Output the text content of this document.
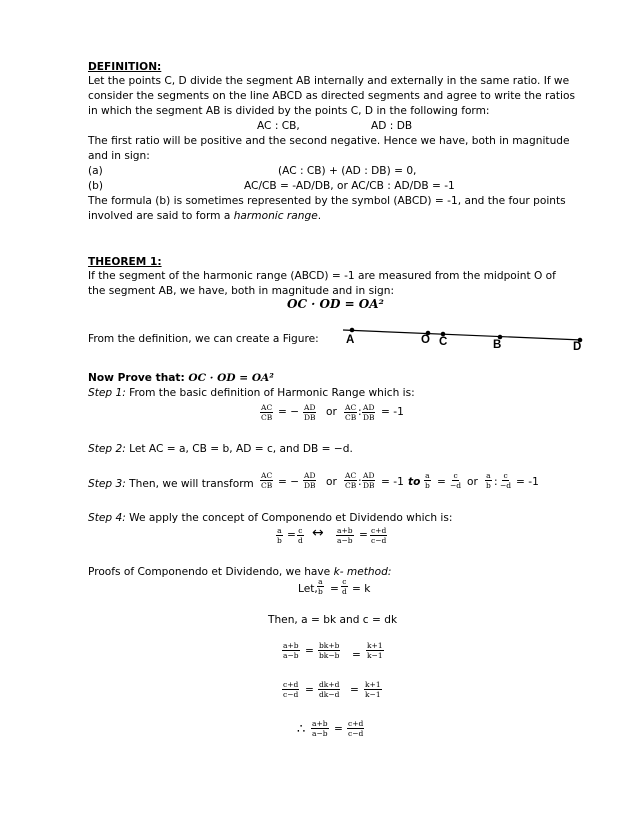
DEFINITION:
Let the points C, D divide the segment AB internally and externally in the same ratio. If we
consider the segments on the line ABCD as directed segments and agree to write the ratios
in which the segment AB is divided by the points C, D in the following form:
AC : CB,	AD : DB
The first ratio will be positive and the second negative. Hence we have, both in magnitude
and in sign:
(a)	(AC : CB) + (AD : DB) = 0,
(b)	AC/CB = -AD/DB, or AC/CB : AD/DB = -1
The formula (b) is sometimes represented by the symbol (ABCD) = -1, and the four points
involved are said to form a harmonic range.
THEOREM 1:
If the segment of the harmonic range (ABCD) = -1 are measured from the midpoint O of
the segment AB, we have, both in magnitude and in sign:
OC · OD = OA²
From the definition, we can create a Figure: A	O C	B	D
Now Prove that: OC · OD = OA²
Step 1: From the basic definition of Harmonic Range which is:
$\frac{AC}{CB}$ = − $\frac{AD}{DB}$ or $\frac{AC}{CB}$ : $\frac{AD}{DB} = -1$
Step 2: Let AC = a, CB = b, AD = c, and DB = −d.
Step 3: Then, we will transform $\frac{AC}{CB}$ = − $\frac{AD}{DB}$ or $\frac{AC}{CB}$ : $\frac{AD}{DB} = -1$ to $\frac{a}{b} = \frac{c}{-d}$ or $\frac{a}{b}$ : $\frac{c}{-d} = -1$
Step 4: We apply the concept of Componendo et Dividendo which is:
$\frac{a}{b} = \frac{c}{d}$ ↔ $\frac{a+b}{a-b} = \frac{c+d}{c-d}$
Proofs of Componendo et Dividendo, we have k- method:
Let, $\frac{a}{b} = \frac{c}{d} = k$
Then, a = bk and c = dk
$\frac{a+b}{a-b} = \frac{bk+b}{bk-b} = \frac{k+1}{k-1}$
$\frac{c+d}{c-d} = \frac{dk+d}{dk-d} = \frac{k+1}{k-1}$
∴ $\frac{a+b}{a-b} = \frac{c+d}{c-d}$
